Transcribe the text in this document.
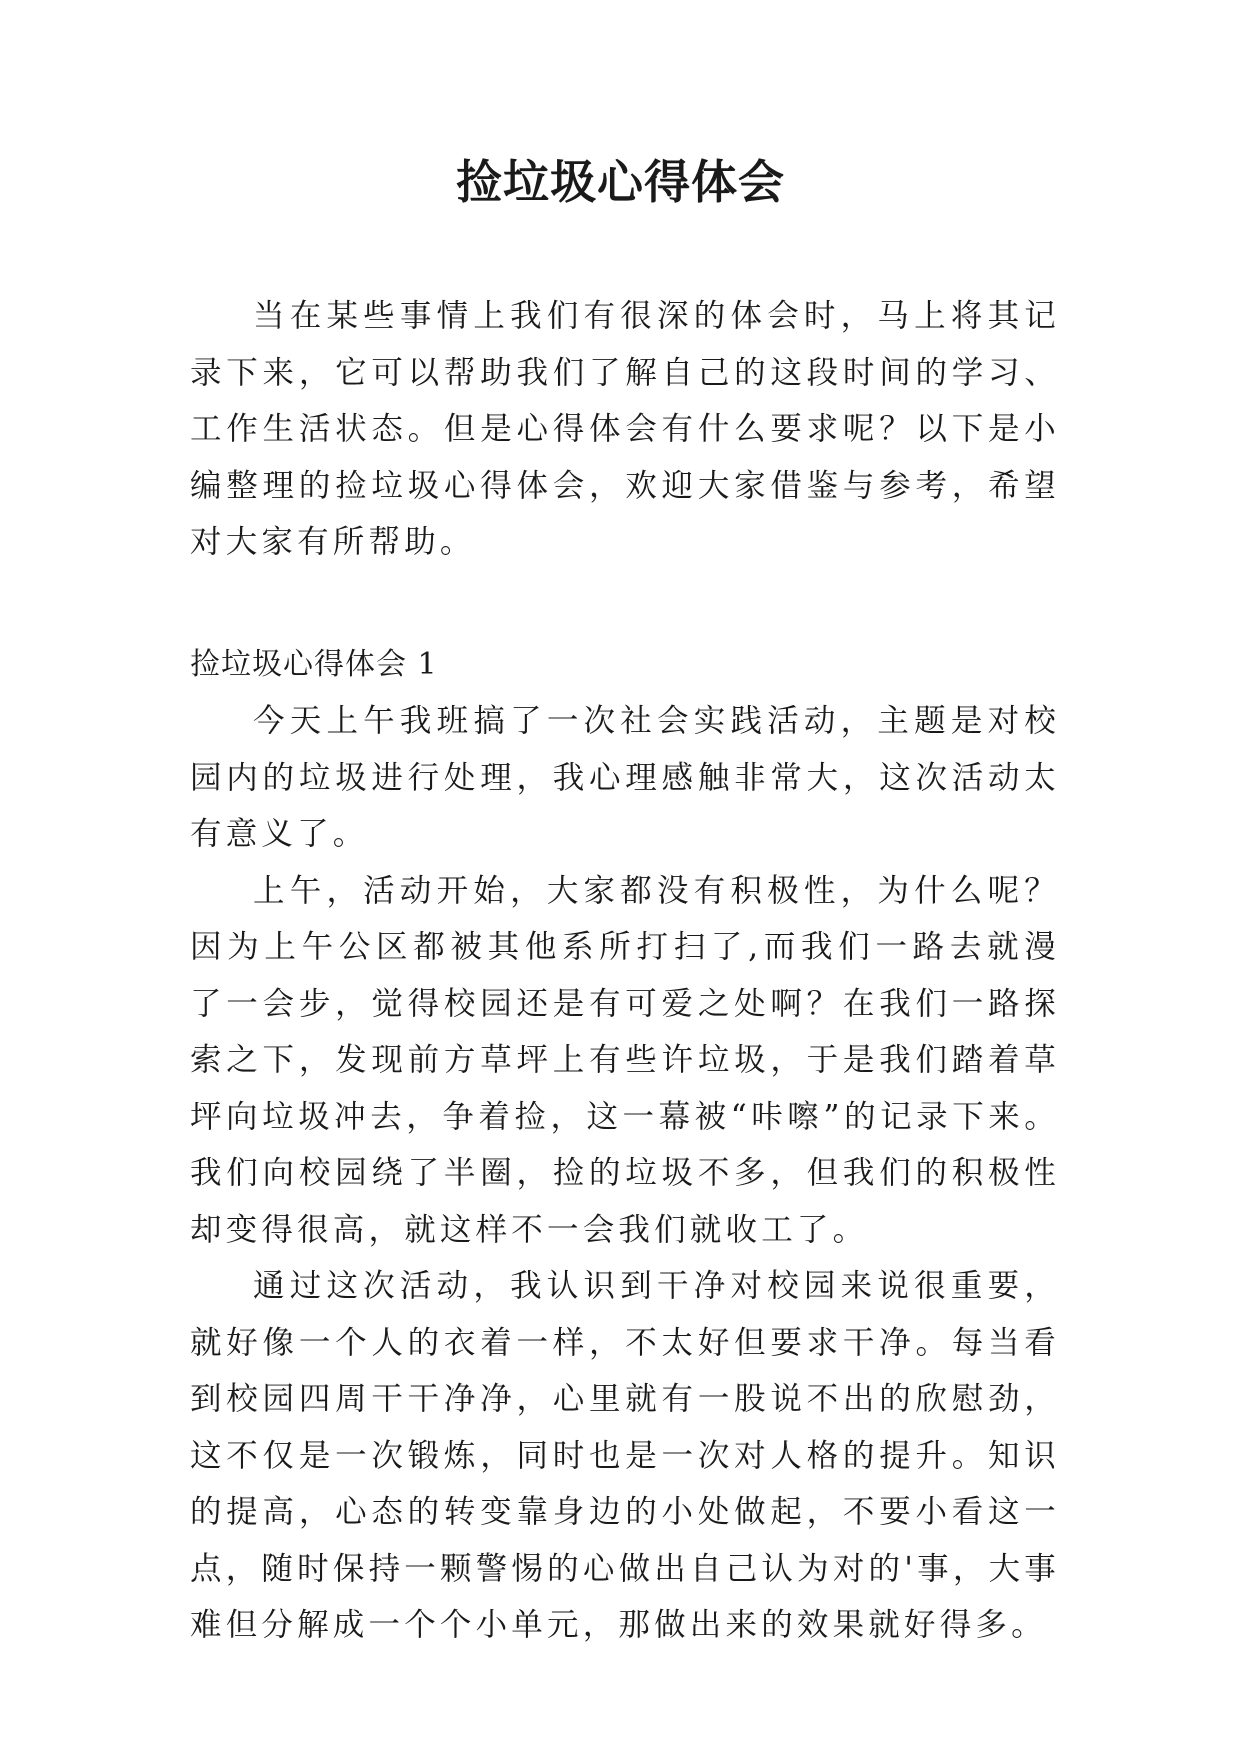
捡垃圾心得体会

当在某些事情上我们有很深的体会时，马上将其记录下来，它可以帮助我们了解自己的这段时间的学习、工作生活状态。但是心得体会有什么要求呢？以下是小编整理的捡垃圾心得体会，欢迎大家借鉴与参考，希望对大家有所帮助。

捡垃圾心得体会 1

今天上午我班搞了一次社会实践活动，主题是对校园内的垃圾进行处理，我心理感触非常大，这次活动太有意义了。

上午，活动开始，大家都没有积极性，为什么呢？因为上午公区都被其他系所打扫了,而我们一路去就漫了一会步，觉得校园还是有可爱之处啊？在我们一路探索之下，发现前方草坪上有些许垃圾，于是我们踏着草坪向垃圾冲去，争着捡，这一幕被“咔嚓”的记录下来。我们向校园绕了半圈，捡的垃圾不多，但我们的积极性却变得很高，就这样不一会我们就收工了。

通过这次活动，我认识到干净对校园来说很重要，就好像一个人的衣着一样，不太好但要求干净。每当看到校园四周干干净净，心里就有一股说不出的欣慰劲，这不仅是一次锻炼，同时也是一次对人格的提升。知识的提高，心态的转变靠身边的小处做起，不要小看这一点，随时保持一颗警惕的心做出自己认为对的'事，大事难但分解成一个个小单元，那做出来的效果就好得多。
